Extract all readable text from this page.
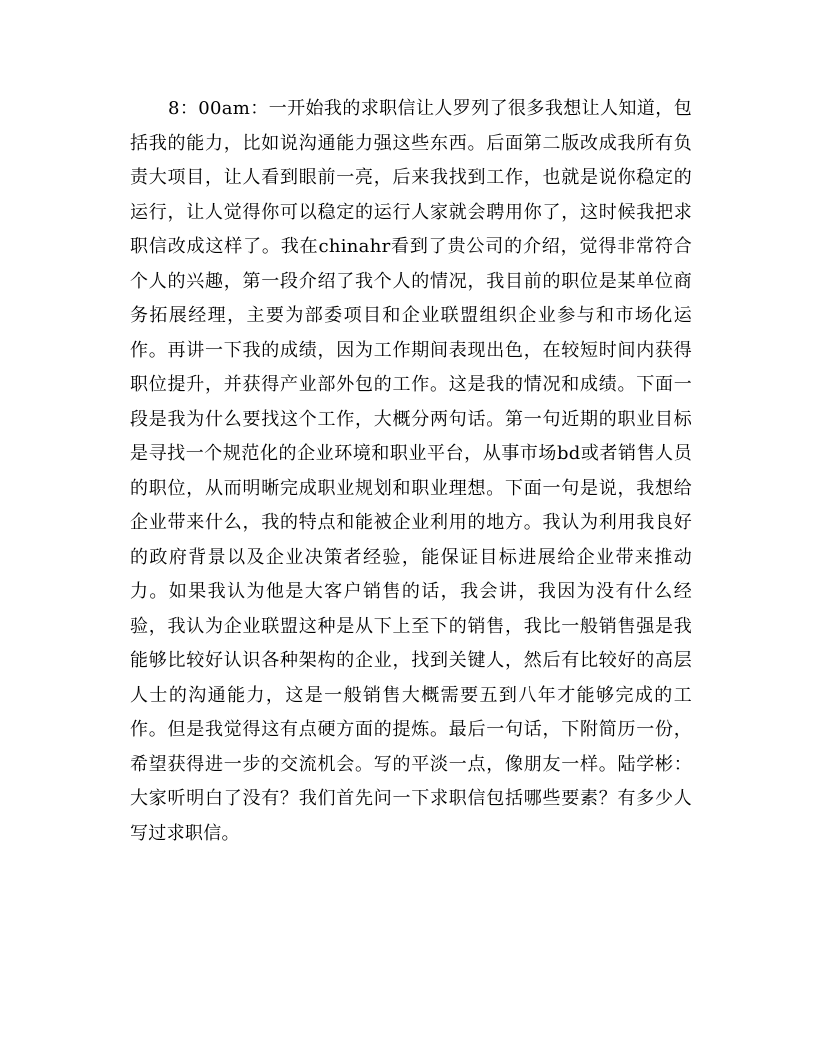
8：00am：一开始我的求职信让人罗列了很多我想让人知道，包括我的能力，比如说沟通能力强这些东西。后面第二版改成我所有负责大项目，让人看到眼前一亮，后来我找到工作，也就是说你稳定的运行，让人觉得你可以稳定的运行人家就会聘用你了，这时候我把求职信改成这样了。我在chinahr看到了贵公司的介绍，觉得非常符合个人的兴趣，第一段介绍了我个人的情况，我目前的职位是某单位商务拓展经理，主要为部委项目和企业联盟组织企业参与和市场化运作。再讲一下我的成绩，因为工作期间表现出色，在较短时间内获得职位提升，并获得产业部外包的工作。这是我的情况和成绩。下面一段是我为什么要找这个工作，大概分两句话。第一句近期的职业目标是寻找一个规范化的企业环境和职业平台，从事市场bd或者销售人员的职位，从而明晰完成职业规划和职业理想。下面一句是说，我想给企业带来什么，我的特点和能被企业利用的地方。我认为利用我良好的政府背景以及企业决策者经验，能保证目标进展给企业带来推动力。如果我认为他是大客户销售的话，我会讲，我因为没有什么经验，我认为企业联盟这种是从下上至下的销售，我比一般销售强是我能够比较好认识各种架构的企业，找到关键人，然后有比较好的高层人士的沟通能力，这是一般销售大概需要五到八年才能够完成的工作。但是我觉得这有点硬方面的提炼。最后一句话，下附简历一份，希望获得进一步的交流机会。写的平淡一点，像朋友一样。陆学彬：大家听明白了没有？我们首先问一下求职信包括哪些要素？有多少人写过求职信。
